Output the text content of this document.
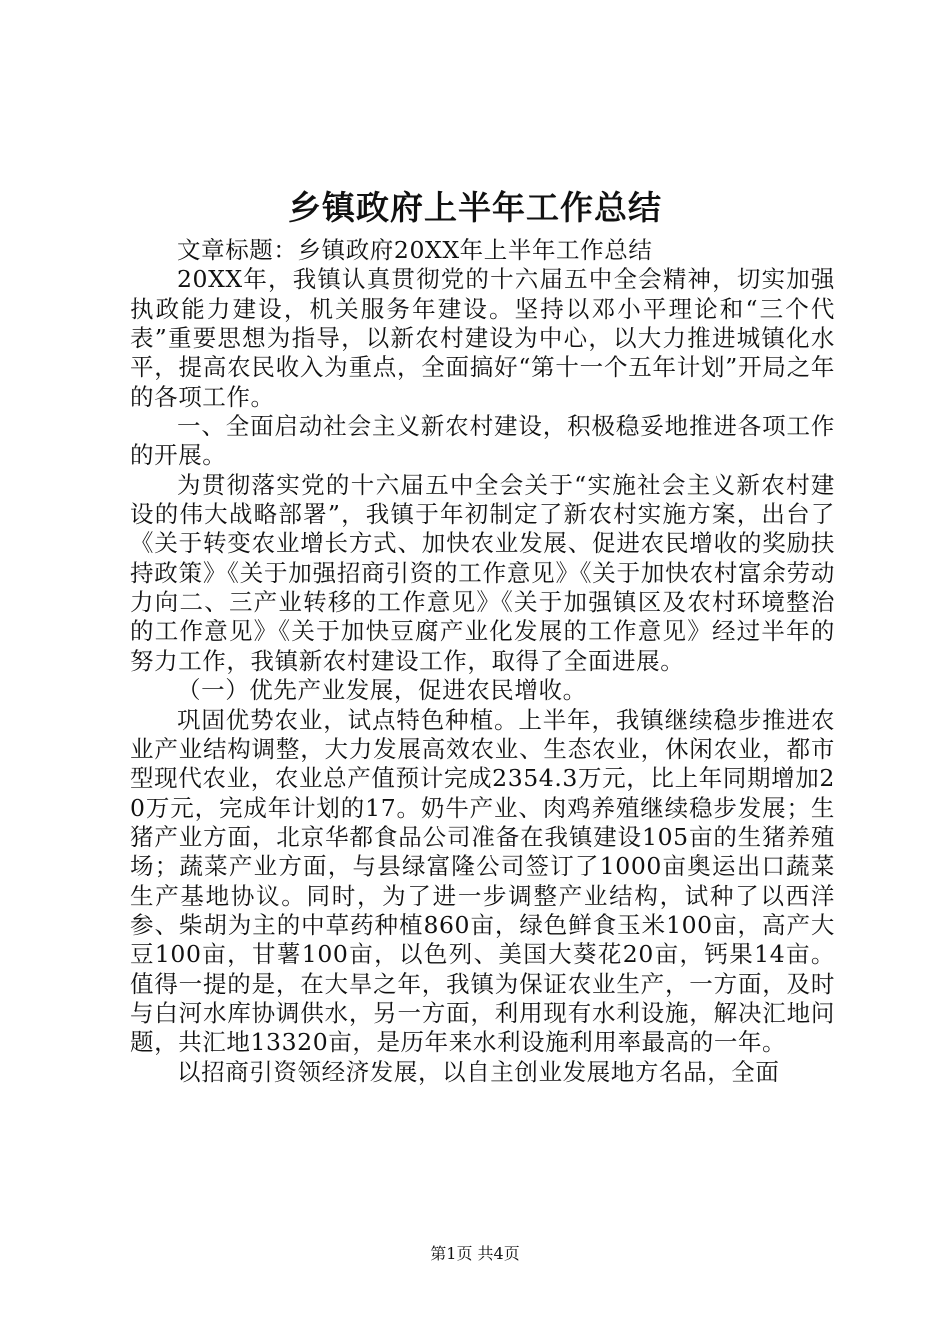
乡镇政府上半年工作总结

文章标题：乡镇政府20XX年上半年工作总结

20XX年，我镇认真贯彻党的十六届五中全会精神，切实加强执政能力建设，机关服务年建设。坚持以邓小平理论和“三个代表”重要思想为指导，以新农村建设为中心，以大力推进城镇化水平，提高农民收入为重点，全面搞好“第十一个五年计划”开局之年的各项工作。

一、全面启动社会主义新农村建设，积极稳妥地推进各项工作的开展。

为贯彻落实党的十六届五中全会关于“实施社会主义新农村建设的伟大战略部署”，我镇于年初制定了新农村实施方案，出台了《关于转变农业增长方式、加快农业发展、促进农民增收的奖励扶持政策》《关于加强招商引资的工作意见》《关于加快农村富余劳动力向二、三产业转移的工作意见》《关于加强镇区及农村环境整治的工作意见》《关于加快豆腐产业化发展的工作意见》经过半年的努力工作，我镇新农村建设工作，取得了全面进展。

（一）优先产业发展，促进农民增收。

巩固优势农业，试点特色种植。上半年，我镇继续稳步推进农业产业结构调整，大力发展高效农业、生态农业，休闲农业，都市型现代农业，农业总产值预计完成2354.3万元，比上年同期增加20万元，完成年计划的17。奶牛产业、肉鸡养殖继续稳步发展；生猪产业方面，北京华都食品公司准备在我镇建设105亩的生猪养殖场；蔬菜产业方面，与县绿富隆公司签订了1000亩奥运出口蔬菜生产基地协议。同时，为了进一步调整产业结构，试种了以西洋参、柴胡为主的中草药种植860亩，绿色鲜食玉米100亩，高产大豆100亩，甘薯100亩，以色列、美国大葵花20亩，钙果14亩。值得一提的是，在大旱之年，我镇为保证农业生产，一方面，及时与白河水库协调供水，另一方面，利用现有水利设施，解决汇地问题，共汇地13320亩，是历年来水利设施利用率最高的一年。

以招商引资领经济发展，以自主创业发展地方名品，全面

第1页 共4页
